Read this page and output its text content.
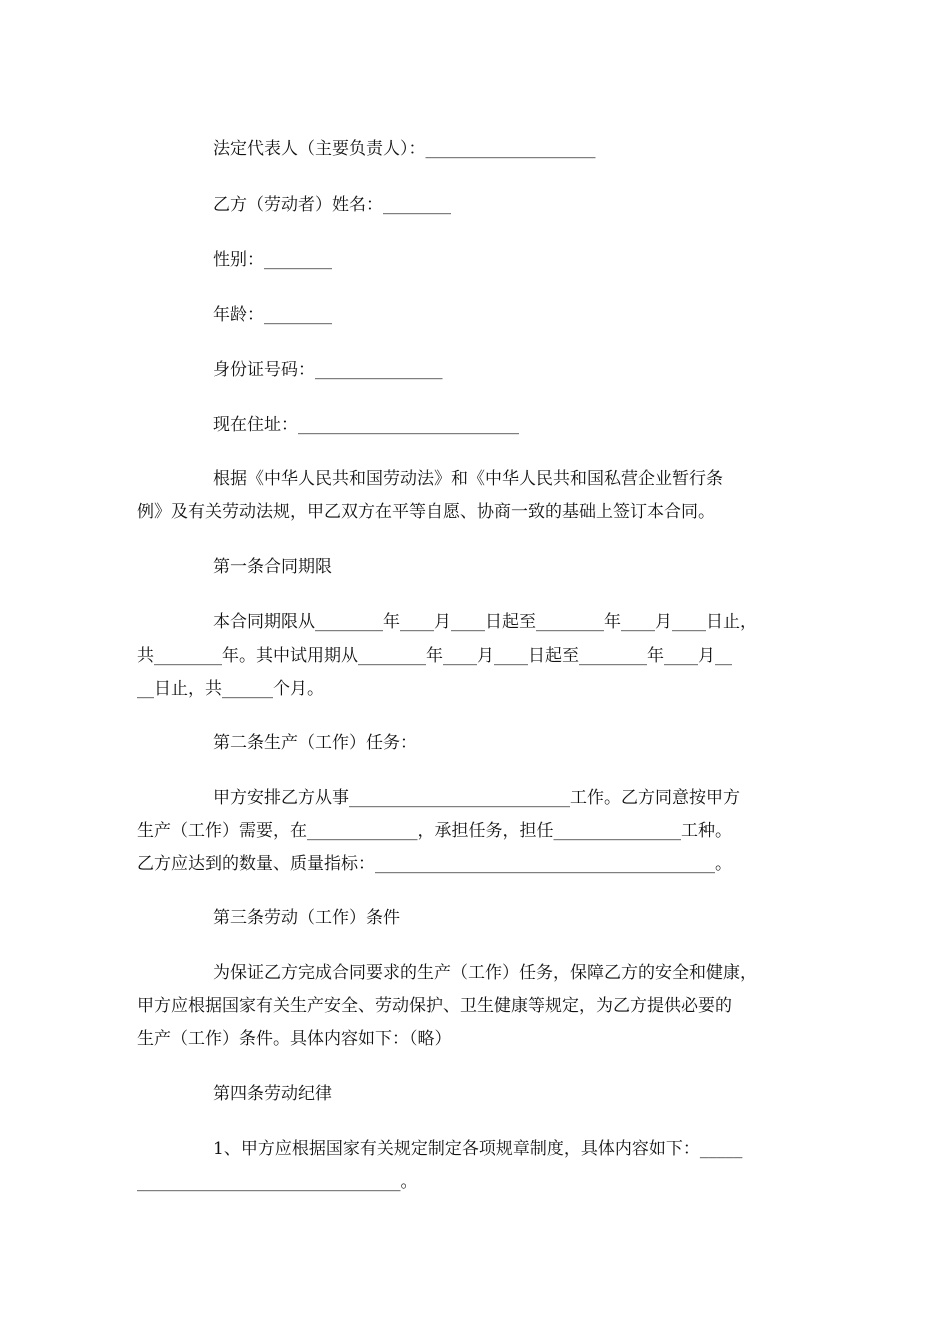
法定代表人（主要负责人）：____________________
乙方（劳动者）姓名：________
性别：________
年龄：________
身份证号码：_______________
现在住址：__________________________
根据《中华人民共和国劳动法》和《中华人民共和国私营企业暂行条
例》及有关劳动法规，甲乙双方在平等自愿、协商一致的基础上签订本合同。
第一条合同期限
本合同期限从________年____月____日起至________年____月____日止，
共________年。其中试用期从________年____月____日起至________年____月__
__日止，共______个月。
第二条生产（工作）任务：
甲方安排乙方从事__________________________工作。乙方同意按甲方
生产（工作）需要，在_____________，承担任务，担任_______________工种。
乙方应达到的数量、质量指标：________________________________________。
第三条劳动（工作）条件
为保证乙方完成合同要求的生产（工作）任务，保障乙方的安全和健康，
甲方应根据国家有关生产安全、劳动保护、卫生健康等规定，为乙方提供必要的
生产（工作）条件。具体内容如下：（略）
第四条劳动纪律
1、甲方应根据国家有关规定制定各项规章制度，具体内容如下：_____
_______________________________。
